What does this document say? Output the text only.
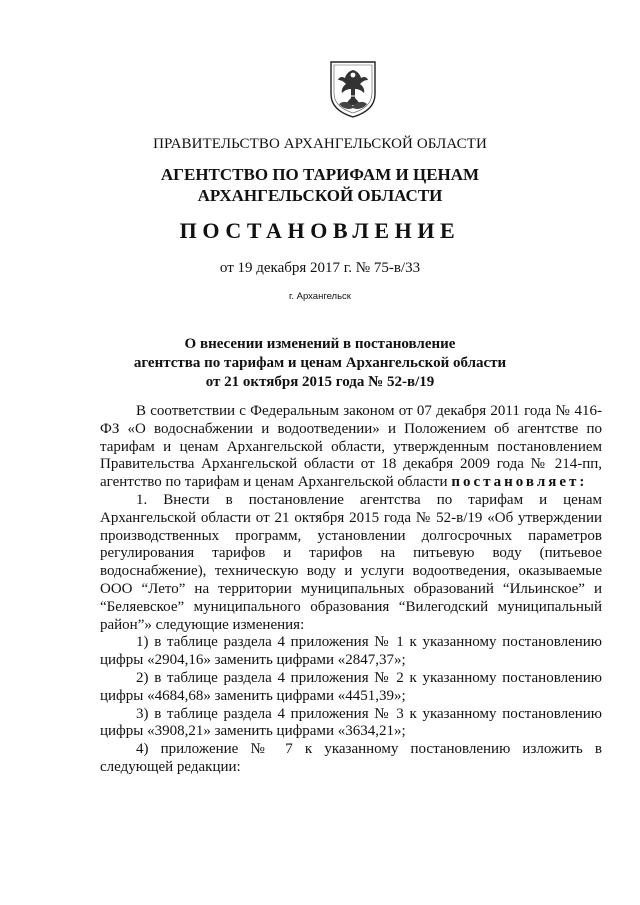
ПРАВИТЕЛЬСТВО АРХАНГЕЛЬСКОЙ ОБЛАСТИ
АГЕНТСТВО ПО ТАРИФАМ И ЦЕНАМ
АРХАНГЕЛЬСКОЙ ОБЛАСТИ
ПОСТАНОВЛЕНИЕ
от 19 декабря 2017 г. № 75-в/33
г. Архангельск
О внесении изменений в постановление
агентства по тарифам и ценам Архангельской области
от 21 октября 2015 года № 52-в/19

В соответствии с Федеральным законом от 07 декабря 2011 года № 416-ФЗ «О водоснабжении и водоотведении» и Положением об агентстве по тарифам и ценам Архангельской области, утвержденным постановлением Правительства Архангельской области от 18 декабря 2009 года № 214-пп, агентство по тарифам и ценам Архангельской области постановляет:

1. Внести в постановление агентства по тарифам и ценам Архангельской области от 21 октября 2015 года № 52-в/19 «Об утверждении производственных программ, установлении долгосрочных параметров регулирования тарифов и тарифов на питьевую воду (питьевое водоснабжение), техническую воду и услуги водоотведения, оказываемые ООО “Лето” на территории муниципальных образований “Ильинское” и “Беляевское” муниципального образования “Вилегодский муниципальный район”» следующие изменения:

1) в таблице раздела 4 приложения № 1 к указанному постановлению цифры «2904,16» заменить цифрами «2847,37»;

2) в таблице раздела 4 приложения № 2 к указанному постановлению цифры «4684,68» заменить цифрами «4451,39»;

3) в таблице раздела 4 приложения № 3 к указанному постановлению цифры «3908,21» заменить цифрами «3634,21»;

4) приложение № 7 к указанному постановлению изложить в следующей редакции:
